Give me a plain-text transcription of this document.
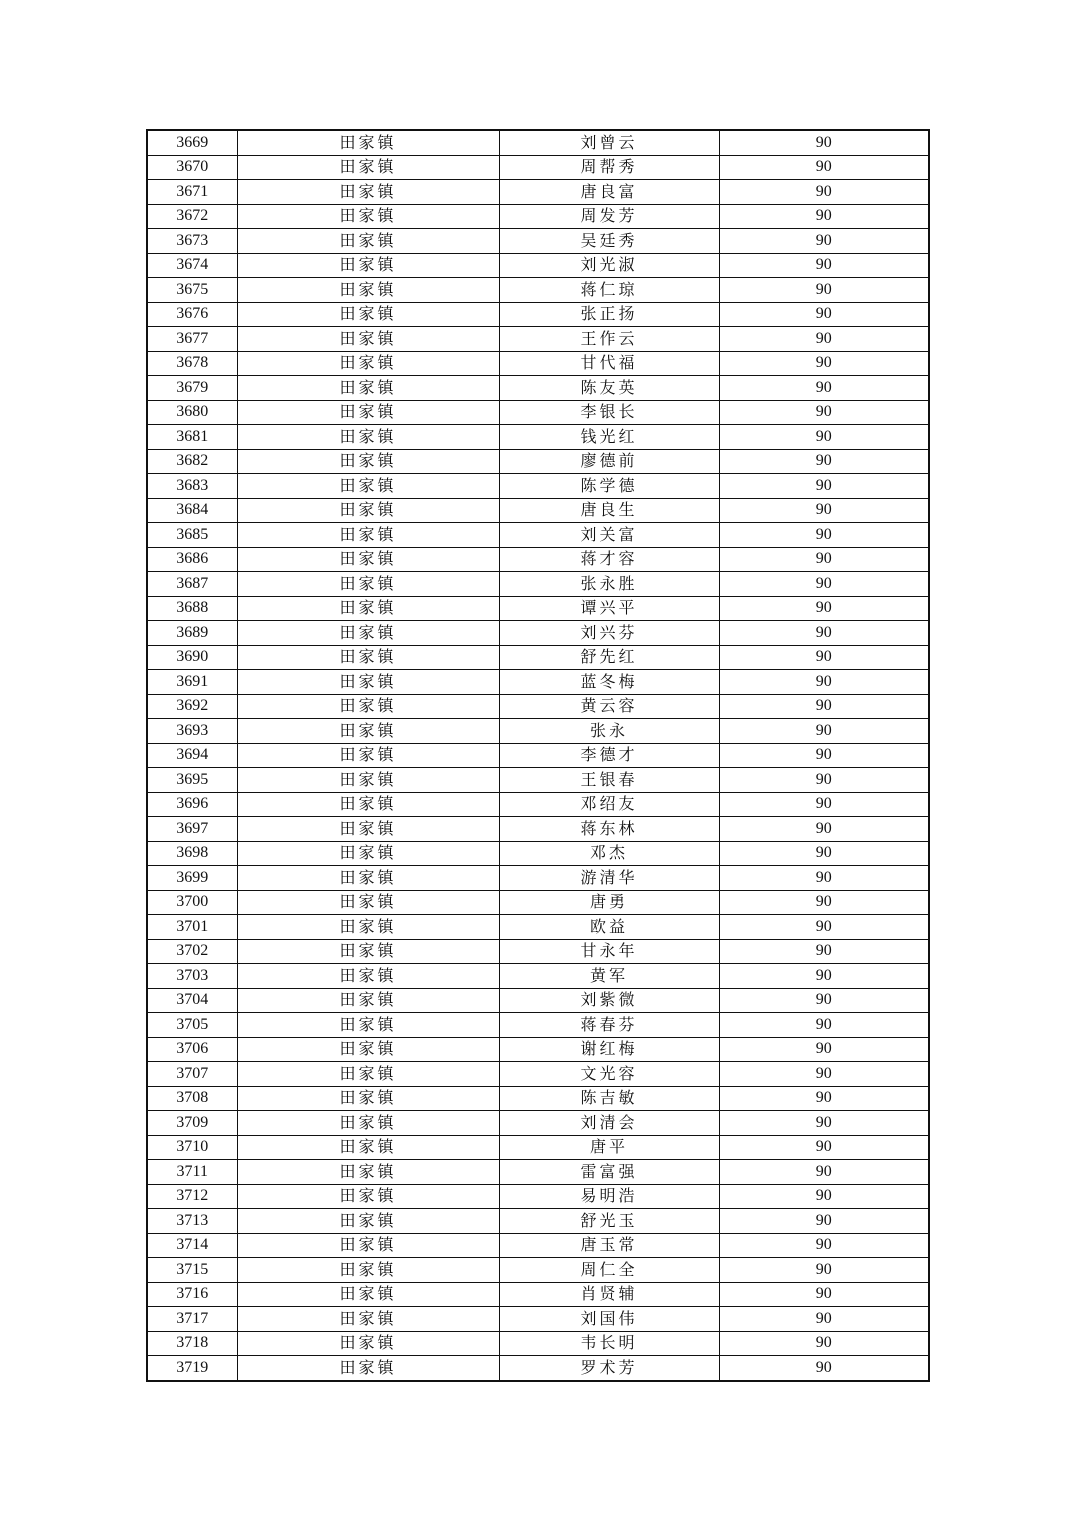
3669	田家镇	刘曾云	90
3670	田家镇	周帮秀	90
3671	田家镇	唐良富	90
3672	田家镇	周发芳	90
3673	田家镇	吴廷秀	90
3674	田家镇	刘光淑	90
3675	田家镇	蒋仁琼	90
3676	田家镇	张正扬	90
3677	田家镇	王作云	90
3678	田家镇	甘代福	90
3679	田家镇	陈友英	90
3680	田家镇	李银长	90
3681	田家镇	钱光红	90
3682	田家镇	廖德前	90
3683	田家镇	陈学德	90
3684	田家镇	唐良生	90
3685	田家镇	刘关富	90
3686	田家镇	蒋才容	90
3687	田家镇	张永胜	90
3688	田家镇	谭兴平	90
3689	田家镇	刘兴芬	90
3690	田家镇	舒先红	90
3691	田家镇	蓝冬梅	90
3692	田家镇	黄云容	90
3693	田家镇	张永	90
3694	田家镇	李德才	90
3695	田家镇	王银春	90
3696	田家镇	邓绍友	90
3697	田家镇	蒋东林	90
3698	田家镇	邓杰	90
3699	田家镇	游清华	90
3700	田家镇	唐勇	90
3701	田家镇	欧益	90
3702	田家镇	甘永年	90
3703	田家镇	黄军	90
3704	田家镇	刘紫微	90
3705	田家镇	蒋春芬	90
3706	田家镇	谢红梅	90
3707	田家镇	文光容	90
3708	田家镇	陈吉敏	90
3709	田家镇	刘清会	90
3710	田家镇	唐平	90
3711	田家镇	雷富强	90
3712	田家镇	易明浩	90
3713	田家镇	舒光玉	90
3714	田家镇	唐玉常	90
3715	田家镇	周仁全	90
3716	田家镇	肖贤辅	90
3717	田家镇	刘国伟	90
3718	田家镇	韦长明	90
3719	田家镇	罗术芳	90
